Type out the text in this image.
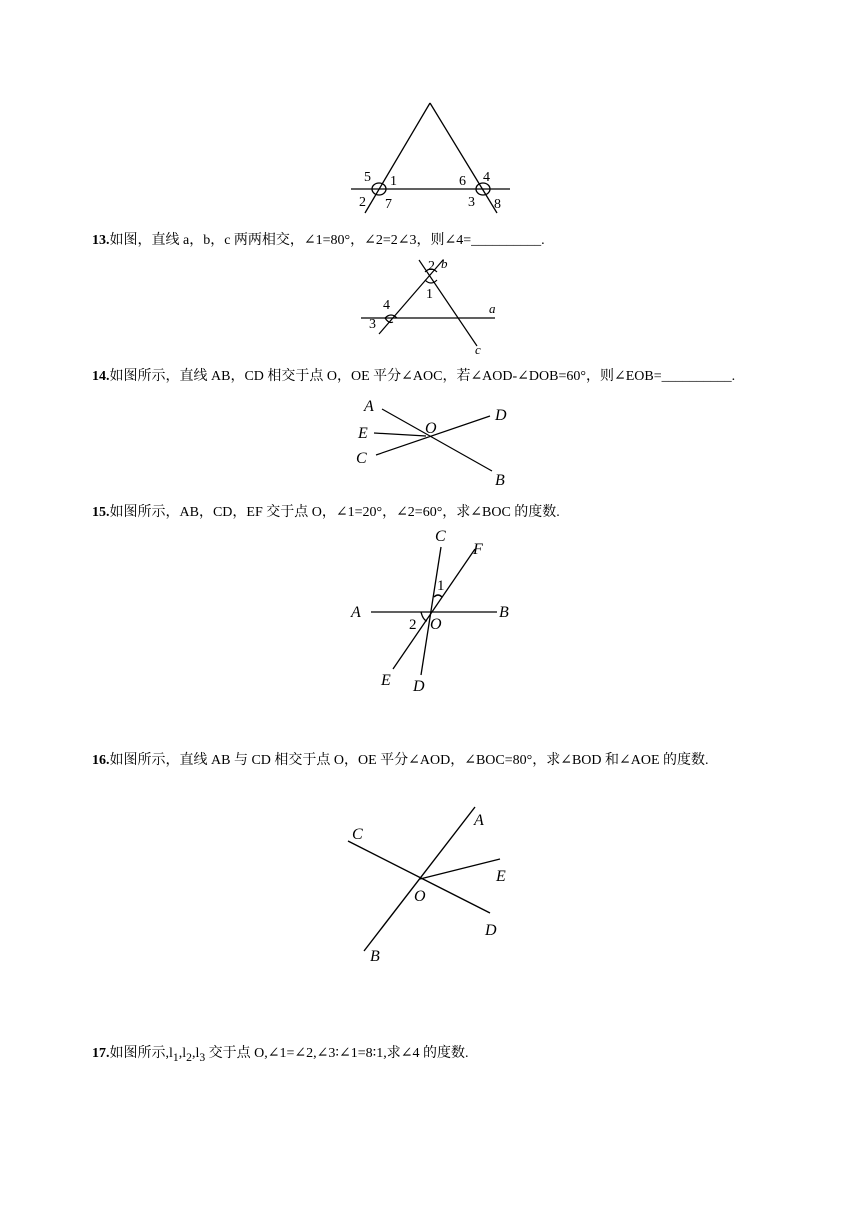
5 1
2 7
6 4
3 8
13.如图，直线 a，b，c 两两相交，∠1=80°，∠2=2∠3，则∠4=__________.
2 b
1
4
3
a
c
14.如图所示，直线 AB，CD 相交于点 O，OE 平分∠AOC，若∠AOD-∠DOB=60°，则∠EOB=__________.
A
E
C
O
D
B
15.如图所示，AB，CD，EF 交于点 O，∠1=20°，∠2=60°，求∠BOC 的度数.
C
F
1
A
2 O
B
E D
16.如图所示，直线 AB 与 CD 相交于点 O，OE 平分∠AOD，∠BOC=80°，求∠BOD 和∠AOE 的度数.
C
A
E
O
D
B
17.如图所示$,l_1,l_2,l_3$ 交于点 O,∠1=∠2,∠3∶∠1=8∶1,求∠4 的度数.
